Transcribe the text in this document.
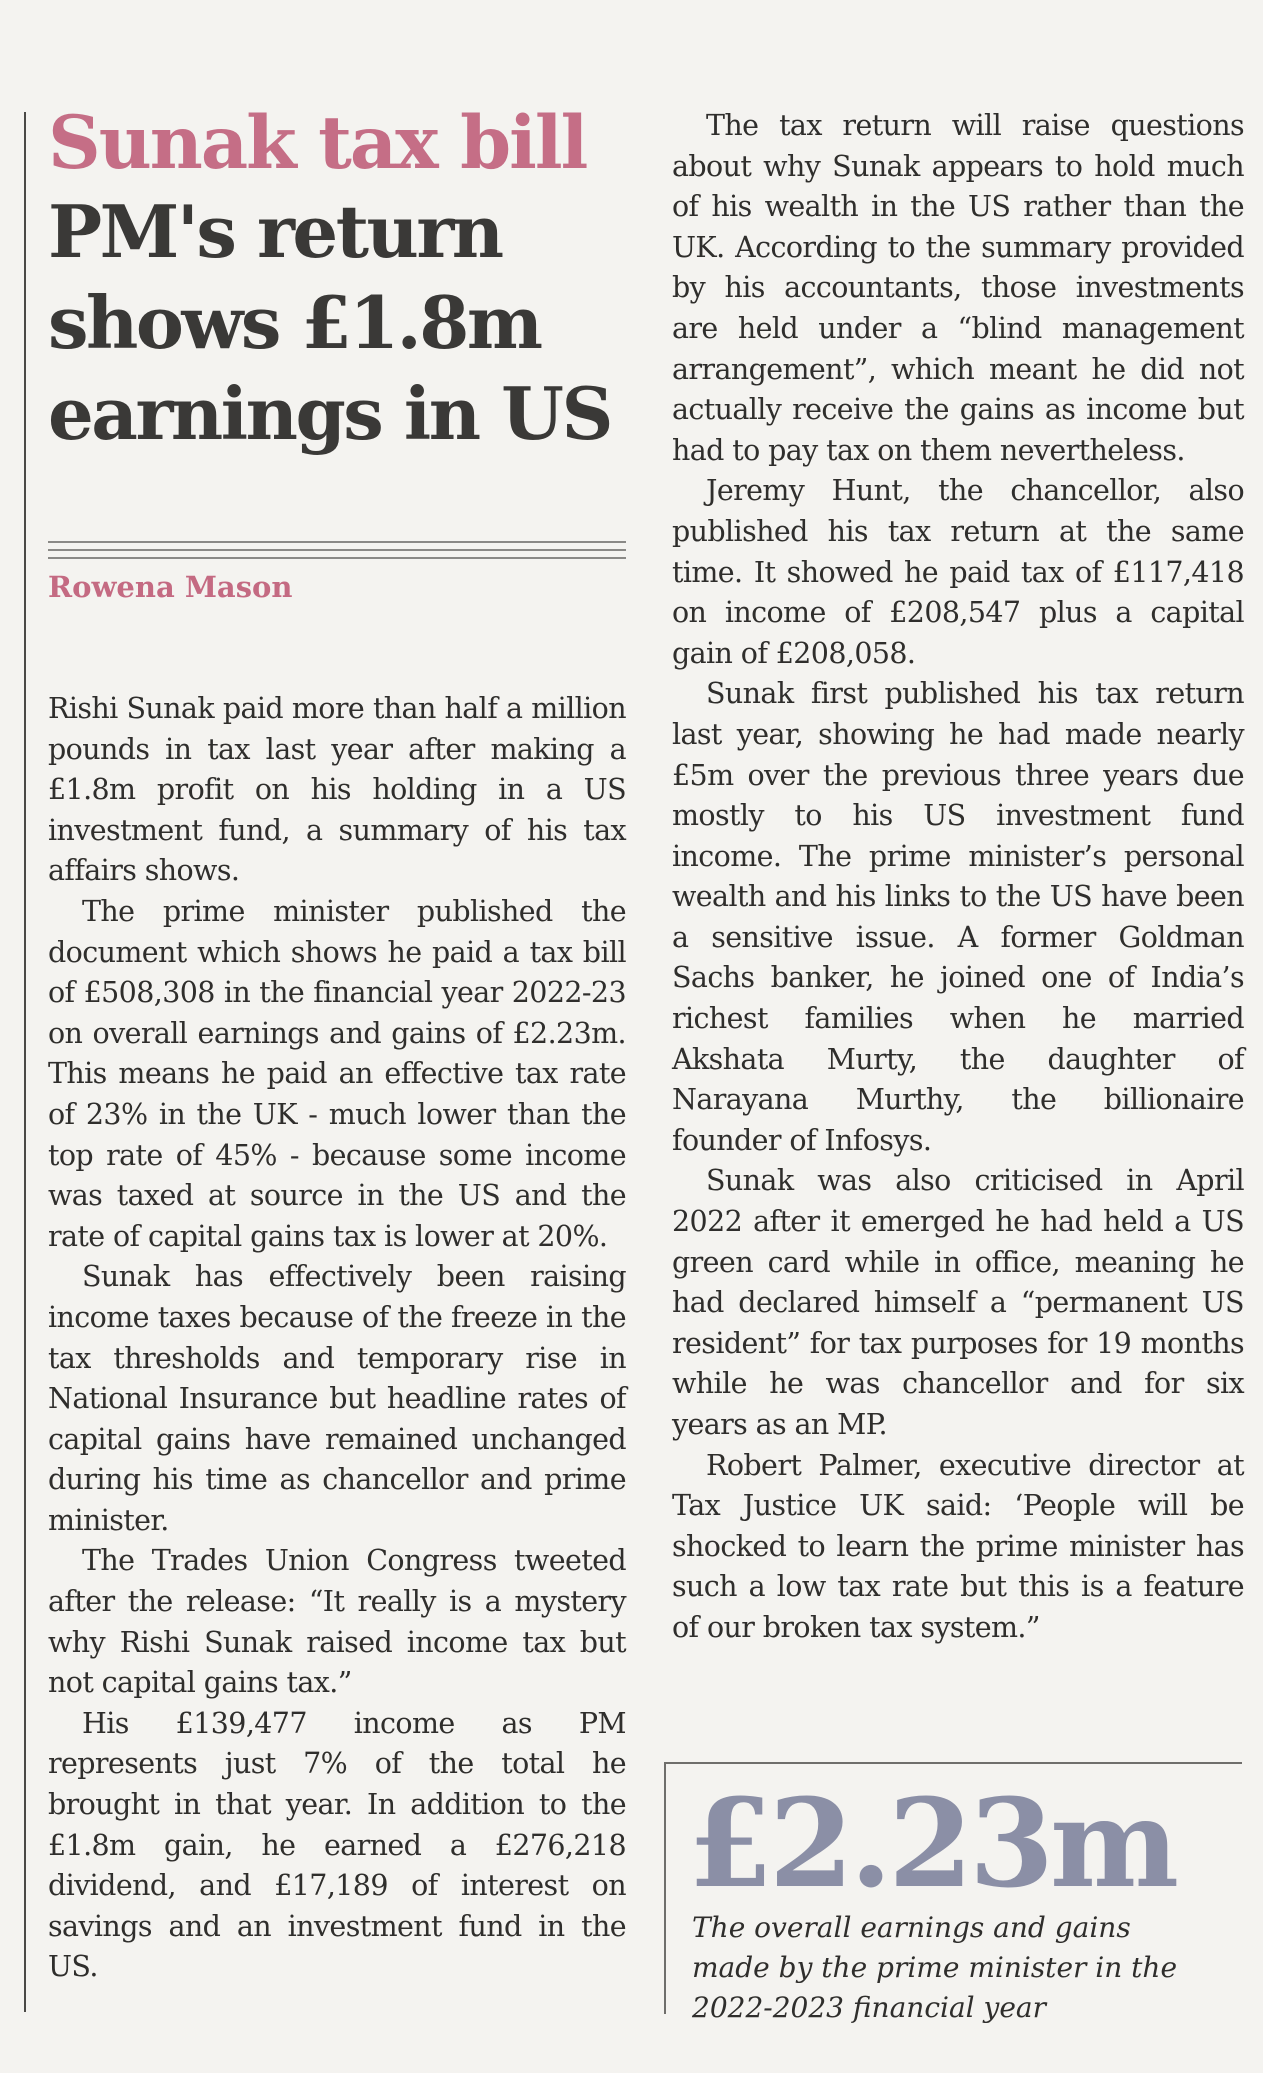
Sunak tax bill
PM's return shows £1.8m earnings in US
Rowena Mason

Rishi Sunak paid more than half a million pounds in tax last year after making a £1.8m profit on his holding in a US investment fund, a summary of his tax affairs shows.

The prime minister published the document which shows he paid a tax bill of £508,308 in the financial year 2022-23 on overall earnings and gains of £2.23m. This means he paid an effective tax rate of 23% in the UK - much lower than the top rate of 45% - because some income was taxed at source in the US and the rate of capital gains tax is lower at 20%.

Sunak has effectively been raising income taxes because of the freeze in the tax thresholds and temporary rise in National Insurance but headline rates of capital gains have remained unchanged during his time as chancellor and prime minister.

The Trades Union Congress tweeted after the release: “It really is a mystery why Rishi Sunak raised income tax but not capital gains tax.”

His £139,477 income as PM represents just 7% of the total he brought in that year. In addition to the £1.8m gain, he earned a £276,218 dividend, and £17,189 of interest on savings and an investment fund in the US.

The tax return will raise questions about why Sunak appears to hold much of his wealth in the US rather than the UK. According to the summary provided by his accountants, those investments are held under a “blind management arrangement”, which meant he did not actually receive the gains as income but had to pay tax on them nevertheless.

Jeremy Hunt, the chancellor, also published his tax return at the same time. It showed he paid tax of £117,418 on income of £208,547 plus a capital gain of £208,058.

Sunak first published his tax return last year, showing he had made nearly £5m over the previous three years due mostly to his US investment fund income. The prime minister’s personal wealth and his links to the US have been a sensitive issue. A former Goldman Sachs banker, he joined one of India’s richest families when he married Akshata Murty, the daughter of Narayana Murthy, the billionaire founder of Infosys.

Sunak was also criticised in April 2022 after it emerged he had held a US green card while in office, meaning he had declared himself a “permanent US resident” for tax purposes for 19 months while he was chancellor and for six years as an MP.

Robert Palmer, executive director at Tax Justice UK said: ‘People will be shocked to learn the prime minister has such a low tax rate but this is a feature of our broken tax system.”

£2.23m
The overall earnings and gains made by the prime minister in the 2022-2023 financial year
